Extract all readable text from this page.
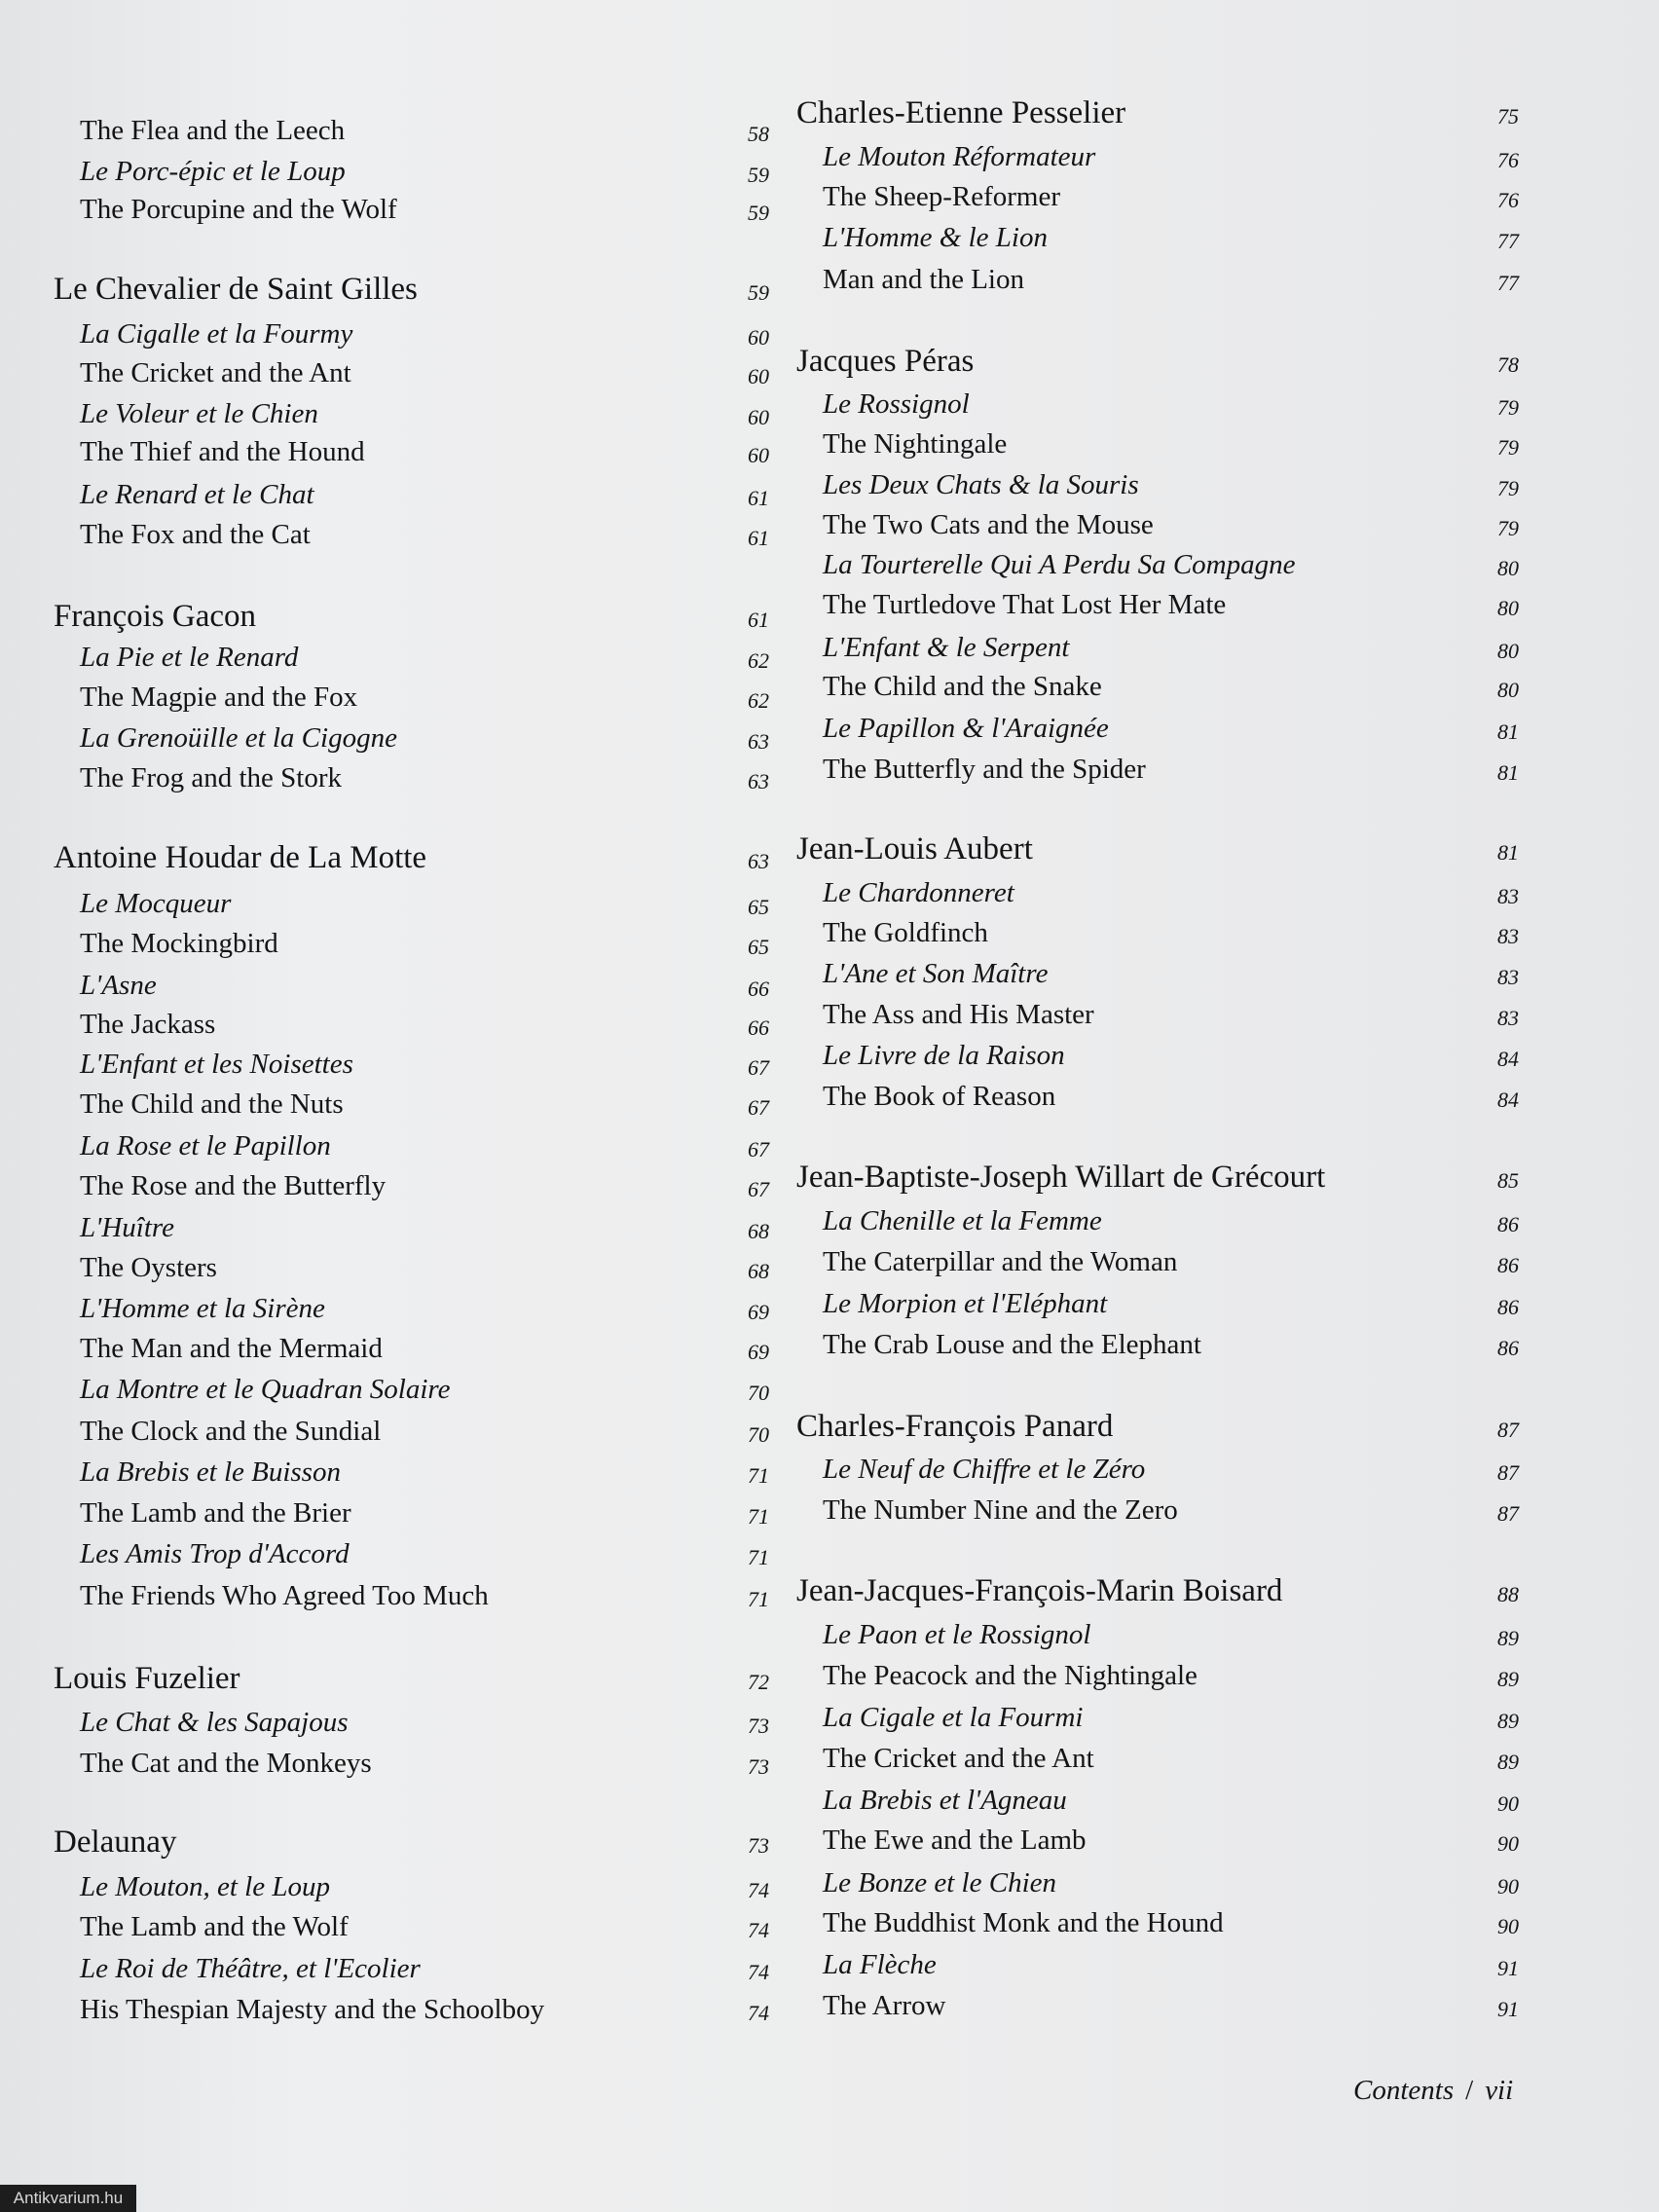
The Flea and the Leech	58
Le Porc-épic et le Loup	59
The Porcupine and the Wolf	59
Le Chevalier de Saint Gilles	59
La Cigalle et la Fourmy	60
The Cricket and the Ant	60
Le Voleur et le Chien	60
The Thief and the Hound	60
Le Renard et le Chat	61
The Fox and the Cat	61
François Gacon	61
La Pie et le Renard	62
The Magpie and the Fox	62
La Grenoüille et la Cigogne	63
The Frog and the Stork	63
Antoine Houdar de La Motte	63
Le Mocqueur	65
The Mockingbird	65
L'Asne	66
The Jackass	66
L'Enfant et les Noisettes	67
The Child and the Nuts	67
La Rose et le Papillon	67
The Rose and the Butterfly	67
L'Huître	68
The Oysters	68
L'Homme et la Sirène	69
The Man and the Mermaid	69
La Montre et le Quadran Solaire	70
The Clock and the Sundial	70
La Brebis et le Buisson	71
The Lamb and the Brier	71
Les Amis Trop d'Accord	71
The Friends Who Agreed Too Much	71
Louis Fuzelier	72
Le Chat & les Sapajous	73
The Cat and the Monkeys	73
Delaunay	73
Le Mouton, et le Loup	74
The Lamb and the Wolf	74
Le Roi de Théâtre, et l'Ecolier	74
His Thespian Majesty and the Schoolboy	74
Charles-Etienne Pesselier	75
Le Mouton Réformateur	76
The Sheep-Reformer	76
L'Homme & le Lion	77
Man and the Lion	77
Jacques Péras	78
Le Rossignol	79
The Nightingale	79
Les Deux Chats & la Souris	79
The Two Cats and the Mouse	79
La Tourterelle Qui A Perdu Sa Compagne	80
The Turtledove That Lost Her Mate	80
L'Enfant & le Serpent	80
The Child and the Snake	80
Le Papillon & l'Araignée	81
The Butterfly and the Spider	81
Jean-Louis Aubert	81
Le Chardonneret	83
The Goldfinch	83
L'Ane et Son Maître	83
The Ass and His Master	83
Le Livre de la Raison	84
The Book of Reason	84
Jean-Baptiste-Joseph Willart de Grécourt	85
La Chenille et la Femme	86
The Caterpillar and the Woman	86
Le Morpion et l'Eléphant	86
The Crab Louse and the Elephant	86
Charles-François Panard	87
Le Neuf de Chiffre et le Zéro	87
The Number Nine and the Zero	87
Jean-Jacques-François-Marin Boisard	88
Le Paon et le Rossignol	89
The Peacock and the Nightingale	89
La Cigale et la Fourmi	89
The Cricket and the Ant	89
La Brebis et l'Agneau	90
The Ewe and the Lamb	90
Le Bonze et le Chien	90
The Buddhist Monk and the Hound	90
La Flèche	91
The Arrow	91
Contents / vii
Antikvarium.hu
